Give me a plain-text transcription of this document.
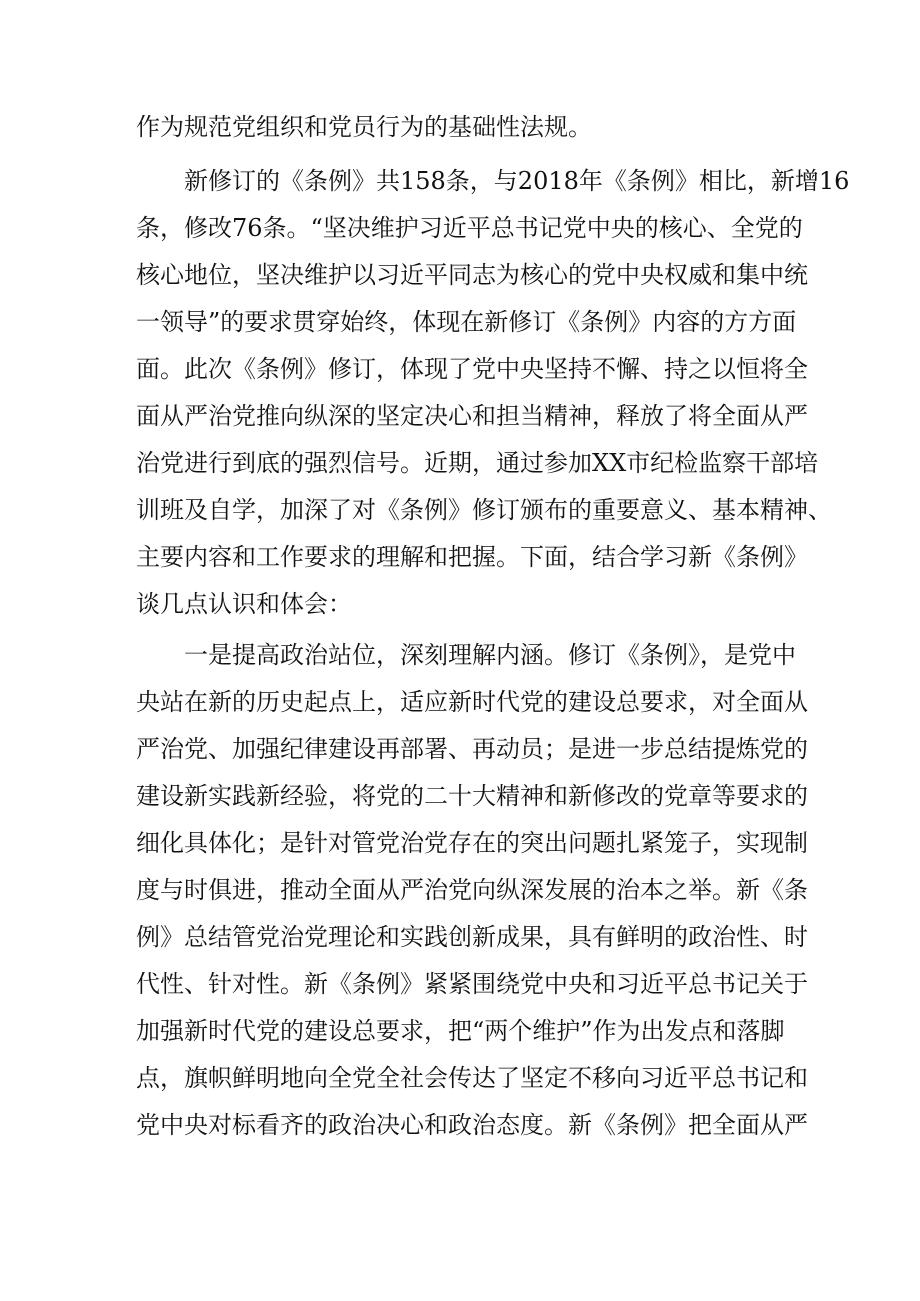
作为规范党组织和党员行为的基础性法规。
新修订的《条例》共158条，与2018年《条例》相比，新增16
条，修改76条。“坚决维护习近平总书记党中央的核心、全党的
核心地位，坚决维护以习近平同志为核心的党中央权威和集中统
一领导”的要求贯穿始终，体现在新修订《条例》内容的方方面
面。此次《条例》修订，体现了党中央坚持不懈、持之以恒将全
面从严治党推向纵深的坚定决心和担当精神，释放了将全面从严
治党进行到底的强烈信号。近期，通过参加XX市纪检监察干部培
训班及自学，加深了对《条例》修订颁布的重要意义、基本精神、
主要内容和工作要求的理解和把握。下面，结合学习新《条例》
谈几点认识和体会：
一是提高政治站位，深刻理解内涵。修订《条例》，是党中
央站在新的历史起点上，适应新时代党的建设总要求，对全面从
严治党、加强纪律建设再部署、再动员；是进一步总结提炼党的
建设新实践新经验，将党的二十大精神和新修改的党章等要求的
细化具体化；是针对管党治党存在的突出问题扎紧笼子，实现制
度与时俱进，推动全面从严治党向纵深发展的治本之举。新《条
例》总结管党治党理论和实践创新成果，具有鲜明的政治性、时
代性、针对性。新《条例》紧紧围绕党中央和习近平总书记关于
加强新时代党的建设总要求，把“两个维护”作为出发点和落脚
点，旗帜鲜明地向全党全社会传达了坚定不移向习近平总书记和
党中央对标看齐的政治决心和政治态度。新《条例》把全面从严
